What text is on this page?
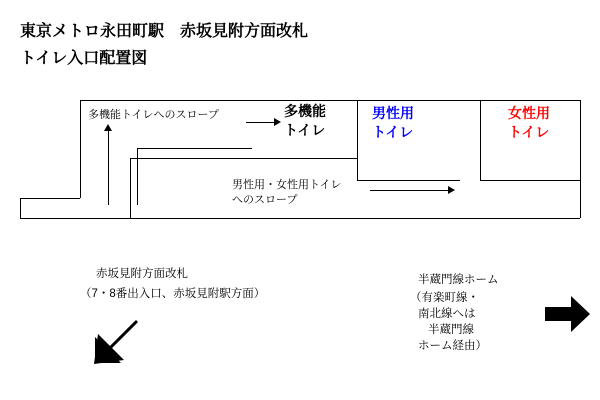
東京メトロ永田町駅　赤坂見附方面改札
トイレ入口配置図
多機能
トイレ
男性用
トイレ
女性用
トイレ
多機能トイレへのスロープ
男性用・女性用トイレ
へのスロープ
赤坂見附方面改札
（7・8番出入口、赤坂見附駅方面）
半蔵門線ホーム
（有楽町線・
南北線へは
半蔵門線
ホーム経由）
